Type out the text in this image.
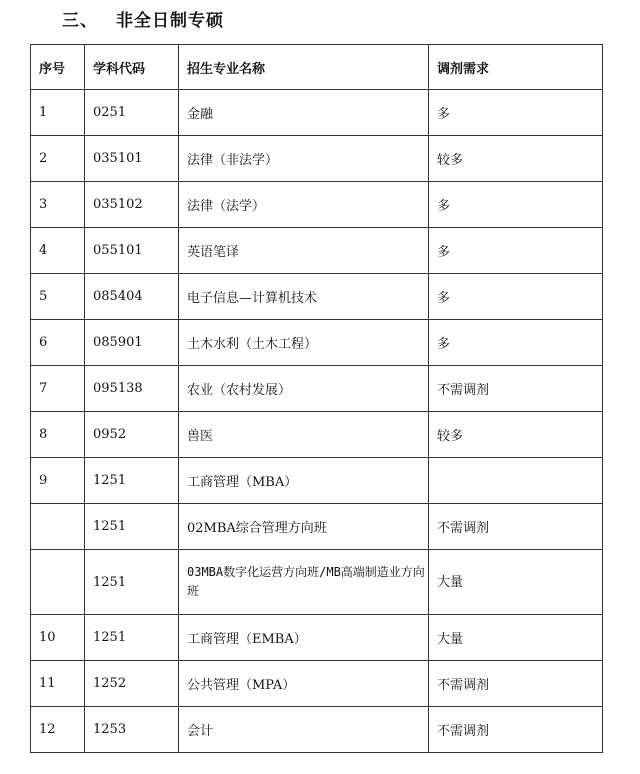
三、 非全日制专硕
序号	学科代码	招生专业名称	调剂需求
1	0251	金融	多
2	035101	法律（非法学）	较多
3	035102	法律（法学）	多
4	055101	英语笔译	多
5	085404	电子信息—计算机技术	多
6	085901	土木水利（土木工程）	多
7	095138	农业（农村发展）	不需调剂
8	0952	兽医	较多
9	1251	工商管理（MBA）	
	1251	02MBA综合管理方向班	不需调剂
	1251	03MBA数字化运营方向班/MB高端制造业方向班	大量
10	1251	工商管理（EMBA）	大量
11	1252	公共管理（MPA）	不需调剂
12	1253	会计	不需调剂
